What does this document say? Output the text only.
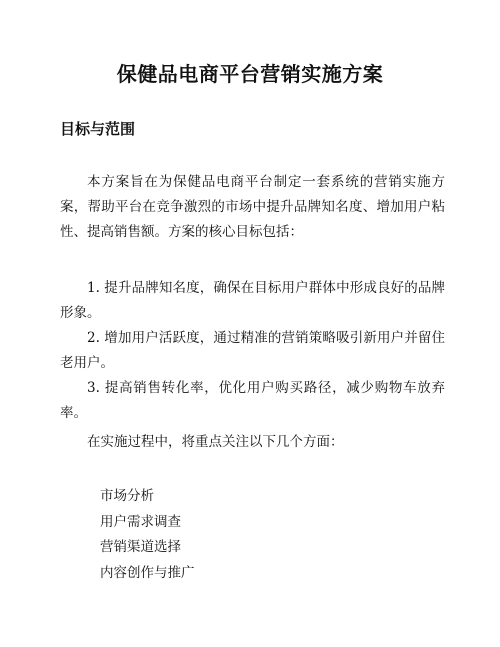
保健品电商平台营销实施方案
目标与范围

本方案旨在为保健品电商平台制定一套系统的营销实施方案，帮助平台在竞争激烈的市场中提升品牌知名度、增加用户粘性、提高销售额。方案的核心目标包括：

1. 提升品牌知名度，确保在目标用户群体中形成良好的品牌形象。
2. 增加用户活跃度，通过精准的营销策略吸引新用户并留住老用户。
3. 提高销售转化率，优化用户购买路径，减少购物车放弃率。

在实施过程中，将重点关注以下几个方面：

市场分析
用户需求调查
营销渠道选择
内容创作与推广
